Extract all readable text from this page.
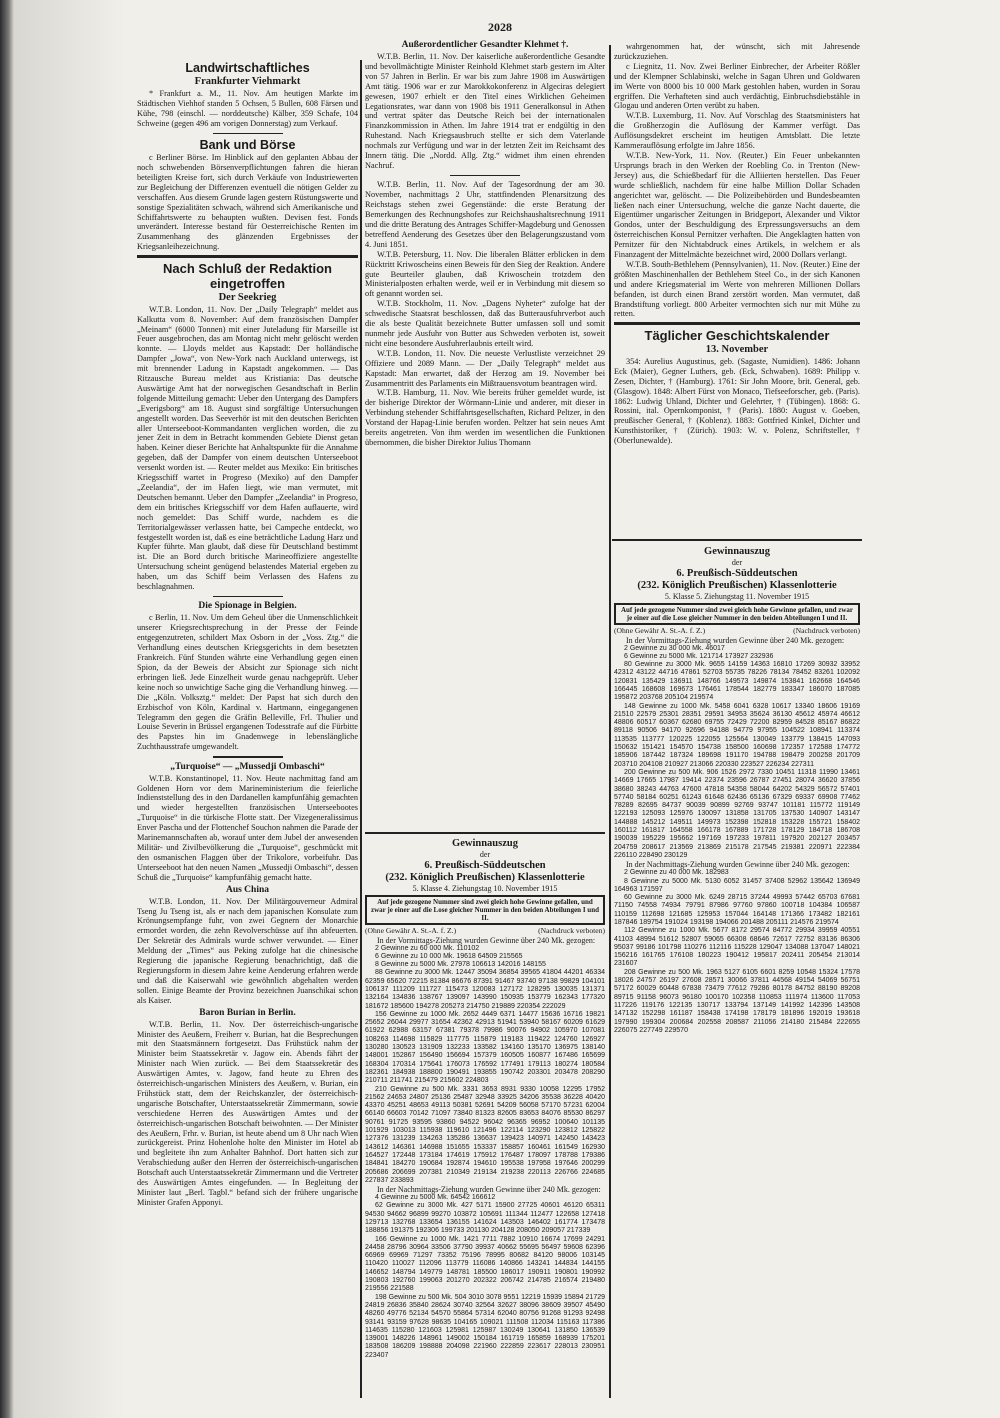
2028
Landwirtschaftliches
Frankfurter Viehmarkt
* Frankfurt a. M., 11. Nov. Am heutigen Markte im Städtischen Viehhof standen 5 Ochsen, 5 Bullen, 608 Färsen und Kühe, 798 (einschl. — norddeutsche) Kälber, 359 Schafe, 104 Schweine (gegen 496 am vorigen Donnerstag) zum Verkauf.
Bank und Börse
c Berliner Börse. Im Hinblick auf den geplanten Abbau der noch schwebenden Börsenverpflichtungen fahren die hieran beteiligten Kreise fort, sich durch Verkäufe von Industriewerten zur Begleichung der Differenzen eventuell die nötigen Gelder zu verschaffen. Aus diesem Grunde lagen gestern Rüstungswerte und sonstige Spezialitäten schwach, während sich Amerikanische und Schiffahrtswerte zu behaupten wußten. Devisen fest. Fonds unverändert. Interesse bestand für Oesterreichische Renten im Zusammenhang des glänzenden Ergebnisses der Kriegsanleihezeichnung.
Nach Schluß der Redaktion eingetroffen
Der Seekrieg
W.T.B. London, 11. Nov. Der „Daily Telegraph“ meldet aus Kalkutta vom 8. November: Auf dem französischen Dampfer „Meinam“ (6000 Tonnen) mit einer Juteladung für Marseille ist Feuer ausgebrochen, das am Montag nicht mehr gelöscht werden konnte. — Lloyds meldet aus Kapstadt: Der holländische Dampfer „Jowa“, von New-York nach Auckland unterwegs, ist mit brennender Ladung in Kapstadt angekommen. — Das Ritzausche Bureau meldet aus Kristiania: Das deutsche Auswärtige Amt hat der norwegischen Gesandtschaft in Berlin folgende Mitteilung gemacht: Ueber den Untergang des Dampfers „Everigsborg“ am 18. August sind sorgfältige Untersuchungen angestellt worden. Das Seeverhör ist mit den deutschen Berichten aller Unterseeboot-Kommandanten verglichen worden, die zu jener Zeit in dem in Betracht kommenden Gebiete Dienst getan haben. Keiner dieser Berichte hat Anhaltspunkte für die Annahme gegeben, daß der Dampfer von einem deutschen Unterseeboot versenkt worden ist. — Reuter meldet aus Mexiko: Ein britisches Kriegsschiff wartet in Progreso (Mexiko) auf den Dampfer „Zeelandia“, der im Hafen liegt, wie man vermutet, mit Deutschen bemannt. Ueber den Dampfer „Zeelandia“ in Progreso, dem ein britisches Kriegsschiff vor dem Hafen auflauerte, wird noch gemeldet: Das Schiff wurde, nachdem es die Territorialgewässer verlassen hatte, bei Campeche entdeckt, wo festgestellt worden ist, daß es eine beträchtliche Ladung Harz und Kupfer führte. Man glaubt, daß diese für Deutschland bestimmt ist. Die an Bord durch britische Marineoffiziere angestellte Untersuchung scheint genügend belastendes Material ergeben zu haben, um das Schiff beim Verlassen des Hafens zu beschlagnahmen.
Die Spionage in Belgien.
c Berlin, 11. Nov. Um dem Geheul über die Unmenschlichkeit unserer Kriegsrechtsprechung in der Presse der Feinde entgegenzutreten, schildert Max Osborn in der „Voss. Ztg.“ die Verhandlung eines deutschen Kriegsgerichts in dem besetzten Frankreich. Fünf Stunden währte eine Verhandlung gegen einen Spion, da der Beweis der Absicht zur Spionage sich nicht erbringen ließ. Jede Einzelheit wurde genau nachgeprüft. Ueber keine noch so unwichtige Sache ging die Verhandlung hinweg. — Die „Köln. Volksztg.“ meldet: Der Papst hat sich durch den Erzbischof von Köln, Kardinal v. Hartmann, eingegangenen Telegramm den gegen die Gräfin Belleville, Frl. Thulier und Louise Severin in Brüssel ergangenen Todesstrafe auf die Fürbitte des Papstes hin im Gnadenwege in lebenslängliche Zuchthausstrafe umgewandelt.
„Turquoise“ — „Mussedji Ombaschi“
W.T.B. Konstantinopel, 11. Nov. Heute nachmittag fand am Goldenen Horn vor dem Marineministerium die feierliche Indienststellung des in den Dardanellen kampfunfähig gemachten und wieder hergestellten französischen Unterseebootes „Turquoise“ in die türkische Flotte statt. Der Vizegeneralissimus Enver Pascha und der Flottenchef Souchon nahmen die Parade der Marinemannschaften ab, worauf unter dem Jubel der anwesenden Militär- und Zivilbevölkerung die „Turquoise“, geschmückt mit den osmanischen Flaggen über der Trikolore, vorbeifuhr. Das Unterseeboot hat den neuen Namen „Mussedji Ombaschi“, dessen Schuß die „Turquoise“ kampfunfähig gemacht hatte.
Aus China
W.T.B. London, 11. Nov. Der Militärgouverneur Admiral Tseng Ju Tseng ist, als er nach dem japanischen Konsulate zum Krönungsempfange fuhr, von zwei Gegnern der Monarchie ermordet worden, die zehn Revolverschüsse auf ihn abfeuerten. Der Sekretär des Admirals wurde schwer verwundet. — Einer Meldung der „Times“ aus Peking zufolge hat die chinesische Regierung die japanische Regierung benachrichtigt, daß die Regierungsform in diesem Jahre keine Aenderung erfahren werde und daß die Kaiserwahl wie gewöhnlich abgehalten werden sollen. Einige Beamte der Provinz bezeichnen Juanschikai schon als Kaiser.
Baron Burian in Berlin.
W.T.B. Berlin, 11. Nov. Der österreichisch-ungarische Minister des Aeußern, Freiherr v. Burian, hat die Besprechungen mit den Staatsmännern fortgesetzt. Das Frühstück nahm der Minister beim Staatssekretär v. Jagow ein. Abends fährt der Minister nach Wien zurück. — Bei dem Staatssekretär des Auswärtigen Amtes, v. Jagow, fand heute zu Ehren des österreichisch-ungarischen Ministers des Aeußern, v. Burian, ein Frühstück statt, dem der Reichskanzler, der österreichisch-ungarische Botschafter, Unterstaatssekretär Zimmermann, sowie verschiedene Herren des Auswärtigen Amtes und der österreichisch-ungarischen Botschaft beiwohnten. — Der Minister des Aeußern, Frhr. v. Burian, ist heute abend um 8 Uhr nach Wien zurückgereist. Prinz Hohenlohe holte den Minister im Hotel ab und begleitete ihn zum Anhalter Bahnhof. Dort hatten sich zur Verabschiedung außer den Herren der österreichisch-ungarischen Botschaft auch Unterstaatssekretär Zimmermann und die Vertreter des Auswärtigen Amtes eingefunden. — In Begleitung der Minister laut „Berl. Tagbl.“ befand sich der frühere ungarische Minister Grafen Apponyi.
Außerordentlicher Gesandter Klehmet †.
W.T.B. Berlin, 11. Nov. Der kaiserliche außerordentliche Gesandte und bevollmächtigte Minister Reinhold Klehmet starb gestern im Alter von 57 Jahren in Berlin. Er war bis zum Jahre 1908 im Auswärtigen Amt tätig. 1906 war er zur Marokkokonferenz in Algeciras delegiert gewesen, 1907 erhielt er den Titel eines Wirklichen Geheimen Legationsrates, war dann von 1908 bis 1911 Generalkonsul in Athen und vertrat später das Deutsche Reich bei der internationalen Finanzkommission in Athen. Im Jahre 1914 trat er endgültig in den Ruhestand. Nach Kriegsausbruch stellte er sich dem Vaterlande nochmals zur Verfügung und war in der letzten Zeit im Reichsamt des Innern tätig. Die „Nordd. Allg. Ztg.“ widmet ihm einen ehrenden Nachruf.
W.T.B. Berlin, 11. Nov. Auf der Tagesordnung der am 30. November, nachmittags 2 Uhr, stattfindenden Plenarsitzung des Reichstags stehen zwei Gegenstände: die erste Beratung der Bemerkungen des Rechnungshofes zur Reichshaushaltsrechnung 1911 und die dritte Beratung des Antrages Schiffer-Magdeburg und Genossen betreffend Aenderung des Gesetzes über den Belagerungszustand vom 4. Juni 1851.
W.T.B. Petersburg, 11. Nov. Die liberalen Blätter erblicken in dem Rücktritt Kriwoscheins einen Beweis für den Sieg der Reaktion. Andere gute Beurteiler glauben, daß Kriwoschein trotzdem den Ministerialposten erhalten werde, weil er in Verbindung mit diesem so oft genannt worden sei.
W.T.B. Stockholm, 11. Nov. „Dagens Nyheter“ zufolge hat der schwedische Staatsrat beschlossen, daß das Butterausfuhrverbot auch die als beste Qualität bezeichnete Butter umfassen soll und somit nunmehr jede Ausfuhr von Butter aus Schweden verboten ist, soweit nicht eine besondere Ausfuhrerlaubnis erteilt wird.
W.T.B. London, 11. Nov. Die neueste Verlustliste verzeichnet 29 Offiziere und 2089 Mann. — Der „Daily Telegraph“ meldet aus Kapstadt: Man erwartet, daß der Herzog am 19. November bei Zusammentritt des Parlaments ein Mißtrauensvotum beantragen wird.
W.T.B. Hamburg, 11. Nov. Wie bereits früher gemeldet wurde, ist der bisherige Direktor der Wörmann-Linie und anderer, mit dieser in Verbindung stehender Schiffahrtsgesellschaften, Richard Peltzer, in den Vorstand der Hapag-Linie berufen worden. Peltzer hat sein neues Amt bereits angetreten. Von ihm werden im wesentlichen die Funktionen übernommen, die bisher Direktor Julius Thomann
Gewinnauszug
der
6. Preußisch-Süddeutschen
(232. Königlich Preußischen) Klassenlotterie
5. Klasse 4. Ziehungstag 10. November 1915
Auf jede gezogene Nummer sind zwei gleich hohe Gewinne gefallen, und zwar je einer auf die Lose gleicher Nummer in den beiden Abteilungen I und II.
(Ohne Gewähr A. St.-A. f. Z.)	(Nachdruck verboten)
In der Vormittags-Ziehung wurden Gewinne über 240 Mk. gezogen:
2 Gewinne zu 60 000 Mk. 110102
6 Gewinne zu 10 000 Mk. 19618 64509 215565
8 Gewinne zu 5000 Mk. 27978 106613 142016 148155
88 Gewinne zu 3000 Mk. 12447 35094 36854 39565 41804 44201 46334 62359 65620 72215 81384 86676 87391 91467 93740 97138 99829 104101 106137 111209 111727 115473 120083 127172 128295 130035 131371 132164 134836 138767 139097 143990 150935 153779 162343 177320 181672 185600 194278 205273 214750 219889 220354 222029
156 Gewinne zu 1000 Mk. 2652 4449 6371 14477 15636 16716 19821 25652 26044 29977 31654 42362 42913 51941 53940 58167 60209 61629 61922 62988 63157 67381 79378 79986 90076 94902 105970 107081 108263 114698 115829 117775 115879 119183 119422 124760 126927 130280 130523 131909 132233 133582 134160 135170 136975 138140 148001 152867 156490 156694 157379 160505 160877 167486 165699 168304 170314 175641 176073 176592 177491 179113 180274 180584 182361 184938 188800 190491 193855 190742 203301 203478 208290 210711 211741 215479 215602 224803
210 Gewinne zu 500 Mk. 3331 3653 8931 9330 10058 12295 17952 21562 24653 24807 25136 25487 32948 33925 34206 35538 36228 40420 43370 45251 48653 49113 50381 52691 54209 56058 57170 57231 62004 66140 66603 70142 71097 73840 81323 82605 83653 84076 85530 86297 90761 91725 93595 93860 94522 96042 96365 96952 100640 101135 101929 103013 115938 119610 121496 122114 123290 123812 125822 127376 131239 134263 135286 136637 139423 140971 142450 143423 143612 146361 146988 151655 153337 158857 160461 161549 162930 164527 172448 173184 174619 175912 176487 178097 178788 179386 184841 184270 190684 192874 194610 195538 197958 197646 200299 205686 206699 207381 210349 219134 219238 220113 226766 224685 227837 233893
In der Nachmittags-Ziehung wurden Gewinne über 240 Mk. gezogen:
4 Gewinne zu 5000 Mk. 64542 166612
62 Gewinne zu 3000 Mk. 427 5171 15900 27725 40601 46120 65311 94530 94662 96899 99270 103872 105691 111344 112477 122658 127418 129713 132768 133654 136155 141624 143503 146402 161774 173478 188856 191375 192306 199733 201130 204128 208050 209057 217339
166 Gewinne zu 1000 Mk. 1421 7711 7882 10910 16674 17699 24291 24458 28796 30964 33506 37790 39937 40662 55695 56497 59608 62396 66969 69969 71297 73352 75196 78995 80682 84120 98006 103145 110420 110027 112096 113779 116086 140866 143241 144834 144155 146652 148794 149779 148781 185500 186017 190911 190801 190992 190803 192760 199063 201270 202322 206742 214785 216574 219480 219556 221588
198 Gewinne zu 500 Mk. 504 3010 3078 9551 12219 15939 15894 21729 24819 26836 35840 28624 30740 32564 32627 38096 38609 39507 45490 48260 49776 52134 54570 55864 57314 62040 80756 91268 91293 92498 93141 93159 97628 98635 104165 109021 111508 112034 115163 117386 114635 115280 121603 125981 125987 130249 130641 131850 136539 139001 148226 148961 149002 150184 161719 165859 168939 175201 183508 186209 198888 204098 221960 222859 223617 228013 230951 223407
wahrgenommen hat, der wünscht, sich mit Jahresende zurückzuziehen.
c Liegnitz, 11. Nov. Zwei Berliner Einbrecher, der Arbeiter Rößler und der Klempner Schlabinski, welche in Sagan Uhren und Goldwaren im Werte von 8000 bis 10 000 Mark gestohlen haben, wurden in Sorau ergriffen. Die Verhafteten sind auch verdächtig, Einbruchsdiebstähle in Glogau und anderen Orten verübt zu haben.
W.T.B. Luxemburg, 11. Nov. Auf Vorschlag des Staatsministers hat die Großherzogin die Auflösung der Kammer verfügt. Das Auflösungsdekret erscheint im heutigen Amtsblatt. Die letzte Kammerauflösung erfolgte im Jahre 1856.
W.T.B. New-York, 11. Nov. (Reuter.) Ein Feuer unbekannten Ursprungs brach in den Werken der Roebling Co. in Trenton (New-Jersey) aus, die Schießbedarf für die Alliierten herstellen. Das Feuer wurde schließlich, nachdem für eine halbe Million Dollar Schaden angerichtet war, gelöscht. — Die Polizeibehörden und Bundesbeamten ließen nach einer Untersuchung, welche die ganze Nacht dauerte, die Eigentümer ungarischer Zeitungen in Bridgeport, Alexander und Viktor Gondos, unter der Beschuldigung des Erpressungsversuchs an dem österreichischen Konsul Pernitzer verhaften. Die Angeklagten hatten von Pernitzer für den Nichtabdruck eines Artikels, in welchem er als Finanzagent der Mittelmächte bezeichnet wird, 2000 Dollars verlangt.
W.T.B. South-Bethlehem (Pennsylvanien), 11. Nov. (Reuter.) Eine der größten Maschinenhallen der Bethlehem Steel Co., in der sich Kanonen und andere Kriegsmaterial im Werte von mehreren Millionen Dollars befanden, ist durch einen Brand zerstört worden. Man vermutet, daß Brandstiftung vorliegt. 800 Arbeiter vermochten sich nur mit Mühe zu retten.
Täglicher Geschichtskalender
13. November
354: Aurelius Augustinus, geb. (Sagaste, Numidien). 1486: Johann Eck (Maier), Gegner Luthers, geb. (Eck, Schwaben). 1689: Philipp v. Zesen, Dichter, † (Hamburg). 1761: Sir John Moore, brit. General, geb. (Glasgow). 1848: Albert Fürst von Monaco, Tiefseeforscher, geb. (Paris). 1862: Ludwig Uhland, Dichter und Gelehrter, † (Tübingen). 1868: G. Rossini, ital. Opernkomponist, † (Paris). 1880: August v. Goeben, preußischer General, † (Koblenz). 1883: Gottfried Kinkel, Dichter und Kunsthistoriker, † (Zürich). 1903: W. v. Polenz, Schriftsteller, † (Oberlunewalde).
Gewinnauszug
der
6. Preußisch-Süddeutschen
(232. Königlich Preußischen) Klassenlotterie
5. Klasse 5. Ziehungstag 11. November 1915
Auf jede gezogene Nummer sind zwei gleich hohe Gewinne gefallen, und zwar je einer auf die Lose gleicher Nummer in den beiden Abteilungen I und II.
(Ohne Gewähr A. St.-A. f. Z.)	(Nachdruck verboten)
In der Vormittags-Ziehung wurden Gewinne über 240 Mk. gezogen:
2 Gewinne zu 30 000 Mk. 46017
6 Gewinne zu 5000 Mk. 121714 173927 232936
80 Gewinne zu 3000 Mk. 9655 14159 14363 16810 17269 30932 33952 42312 43122 44716 47861 52703 55735 78226 78134 78452 83261 102092 120831 135429 136911 148766 149573 149874 153841 162668 164546 166445 168608 169673 176461 178544 182779 183347 186070 187085 195872 203768 205104 219574
148 Gewinne zu 1000 Mk. 5458 6041 6328 10617 13340 18606 19169 21510 22579 25301 28351 29591 34953 35624 36130 45612 45974 46612 48806 60517 60367 62680 69755 72429 72200 82959 84528 85167 86822 89118 90506 94170 92696 94188 94779 97955 104522 108941 113374 113535 113777 120225 122055 125564 130049 133779 138415 147093 150632 151421 154570 154738 158500 160698 172357 172588 174772 185906 187442 187324 189698 191170 194788 198479 200258 201709 203710 204108 210927 213066 220330 223527 226234 227311
200 Gewinne zu 500 Mk. 906 1526 2972 7330 10451 11318 11990 13461 14669 17665 17987 19414 22374 23596 26787 27451 28074 36620 37856 38680 38243 44763 47600 47818 54358 58044 64202 54329 56572 57401 57740 58184 60251 61243 61648 62436 65136 67329 69337 69908 77462 78289 82695 84737 90039 90899 92769 93747 101181 115772 119149 122193 125093 125976 130097 131858 131705 137530 140907 143147 144888 145212 149511 149973 152398 152818 153228 155721 158402 160112 161817 164558 166178 167889 171728 178129 184718 186708 190039 195229 195662 197169 197233 197811 197920 202127 203457 204759 208617 213569 213869 215178 217545 219381 220971 222384 226110 228490 230129
In der Nachmittags-Ziehung wurden Gewinne über 240 Mk. gezogen:
2 Gewinne zu 40 000 Mk. 182983
8 Gewinne zu 5000 Mk. 5130 6052 31457 37408 52962 135642 136949 164963 171597
60 Gewinne zu 3000 Mk. 6249 28715 37244 49993 57442 65703 67681 71150 74558 74934 79791 87986 97760 97860 100718 104384 106587 110159 112698 121685 125953 157044 164148 171366 173482 182161 187846 189754 191024 193198 194066 201488 205111 214576 219574
112 Gewinne zu 1000 Mk. 5677 8172 29574 84772 29934 39959 40551 41103 48994 51612 52807 59065 66308 68646 72617 72752 83136 86306 95037 99186 101798 110276 112116 115228 129047 134088 137047 148021 156216 161765 176108 180223 190412 195817 202411 205454 213014 231607
208 Gewinne zu 500 Mk. 1963 5127 6105 6601 8259 10548 15324 17578 18026 24757 26197 27608 28571 30066 37811 44568 49154 54069 56751 57172 60029 60448 67838 73479 77612 79286 80178 84752 88190 89208 89715 91158 96073 96180 100170 102358 110853 111974 113600 117053 117226 119176 122135 130717 133794 137149 141992 142396 143508 147132 152298 161187 158438 174198 178179 181896 192019 193618 197990 199304 200684 202558 208587 211056 214180 215484 222655 226075 227749 229570
